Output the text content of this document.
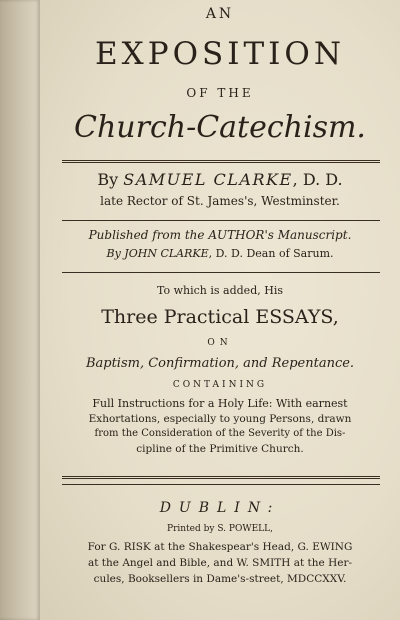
AN
EXPOSITION
OF THE
Church-Catechism.
By SAMUEL CLARKE, D. D.
late Rector of St. James's, Westminster.
Published from the AUTHOR's Manuscript.
By JOHN CLARKE, D. D. Dean of Sarum.
To which is added, His
Three Practical ESSAYS,
ON
Baptism, Confirmation, and Repentance.
CONTAINING
Full Instructions for a Holy Life: With earnest
Exhortations, especially to young Persons, drawn
from the Consideration of the Severity of the Dis-
cipline of the Primitive Church.
DUBLIN:
Printed by S. POWELL,
For G. RISK at the Shakespear's Head, G. EWING
at the Angel and Bible, and W. SMITH at the Her-
cules, Booksellers in Dame's-street, MDCCXXV.
